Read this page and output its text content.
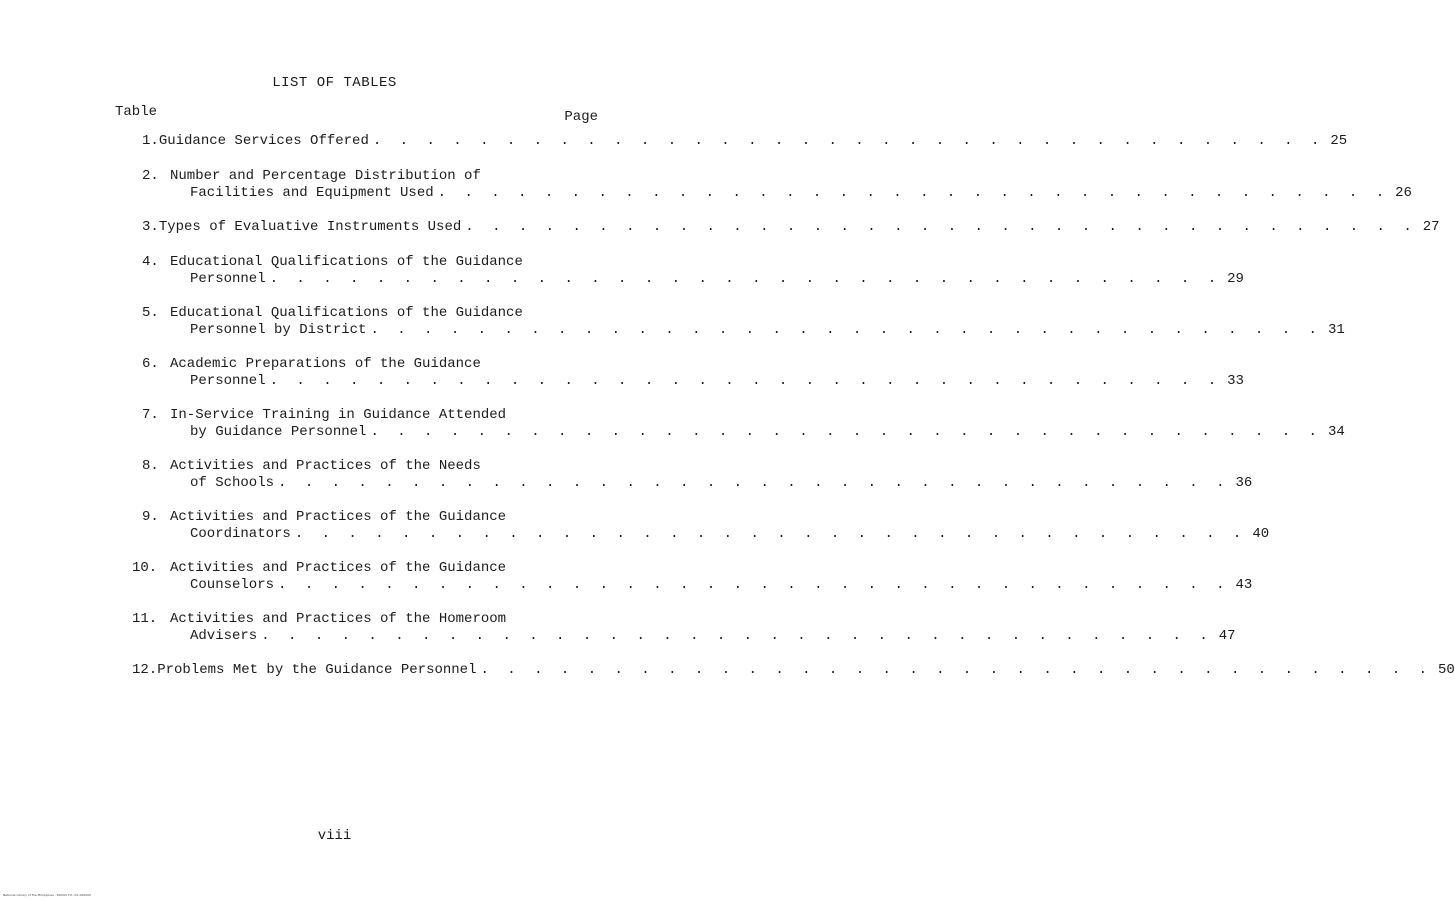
LIST OF TABLES
Table	Page
1. Guidance Services Offered . . . . . . . . . . . . . . . . . . . . . . . . . . . . . . . . . . . . 25
2. Number and Percentage Distribution of
Facilities and Equipment Used . . . . . . . . . . . . . . . . . . . . . . . . . . . . . . . . . . . . 26
3. Types of Evaluative Instruments Used . . . . . . . . . . . . . . . . . . . . . . . . . . . . . . . . . . . . 27
4. Educational Qualifications of the Guidance
Personnel . . . . . . . . . . . . . . . . . . . . . . . . . . . . . . . . . . . . 29
5. Educational Qualifications of the Guidance
Personnel by District . . . . . . . . . . . . . . . . . . . . . . . . . . . . . . . . . . . . 31
6. Academic Preparations of the Guidance
Personnel . . . . . . . . . . . . . . . . . . . . . . . . . . . . . . . . . . . . 33
7. In-Service Training in Guidance Attended
by Guidance Personnel . . . . . . . . . . . . . . . . . . . . . . . . . . . . . . . . . . . . 34
8. Activities and Practices of the Needs
of Schools . . . . . . . . . . . . . . . . . . . . . . . . . . . . . . . . . . . . 36
9. Activities and Practices of the Guidance
Coordinators . . . . . . . . . . . . . . . . . . . . . . . . . . . . . . . . . . . . 40
10. Activities and Practices of the Guidance
Counselors . . . . . . . . . . . . . . . . . . . . . . . . . . . . . . . . . . . . 43
11. Activities and Practices of the Homeroom
Advisers . . . . . . . . . . . . . . . . . . . . . . . . . . . . . . . . . . . . 47
12. Problems Met by the Guidance Personnel . . . . . . . . . . . . . . . . . . . . . . . . . . . . . . . . . . . . 50
viii
National Library of the Philippines · ROXAS T.P.: DL 000000
